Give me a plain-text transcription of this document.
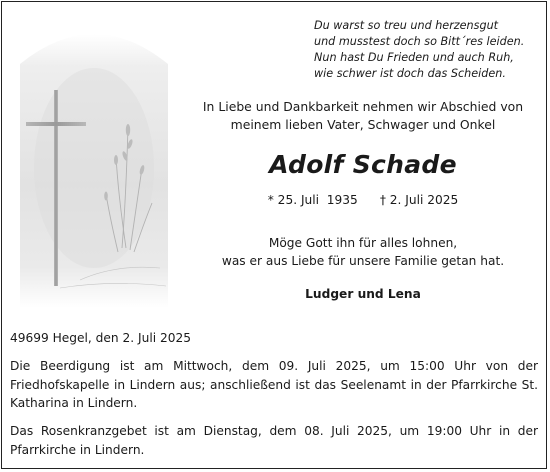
Du warst so treu und herzensgut
und musstest doch so Bitt´res leiden.
Nun hast Du Frieden und auch Ruh,
wie schwer ist doch das Scheiden.
In Liebe und Dankbarkeit nehmen wir Abschied von
meinem lieben Vater, Schwager und Onkel
Adolf Schade
* 25. Juli  1935 † 2. Juli 2025
Möge Gott ihn für alles lohnen,
was er aus Liebe für unsere Familie getan hat.
Ludger und Lena
49699 Hegel, den 2. Juli 2025
Die Beerdigung ist am Mittwoch, dem 09. Juli 2025, um 15:00 Uhr von der Friedhofskapelle in Lindern aus; anschließend ist das Seelenamt in der Pfarrkirche St. Katharina in Lindern.
Das Rosenkranzgebet ist am Dienstag, dem 08. Juli 2025, um 19:00 Uhr in der Pfarrkirche in Lindern.
